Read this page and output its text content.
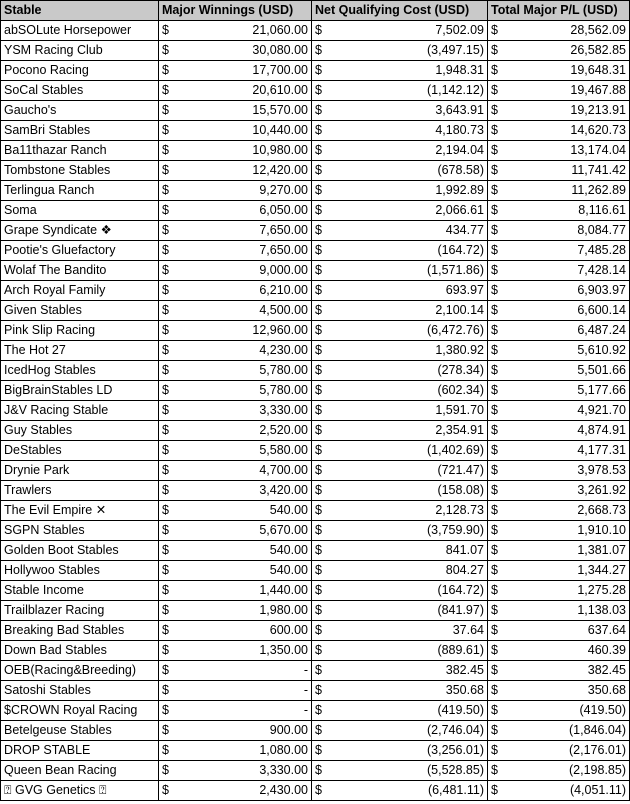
Stable	Major Winnings (USD)	Net Qualifying Cost (USD)	Total Major P/L (USD)
abSOLute Horsepower	$ 21,060.00	$ 7,502.09	$ 28,562.09

YSM Racing Club	$ 30,080.00	$ (3,497.15)	$ 26,582.85

Pocono Racing	$ 17,700.00	$ 1,948.31	$ 19,648.31

SoCal Stables	$ 20,610.00	$ (1,142.12)	$ 19,467.88

Gaucho's	$ 15,570.00	$ 3,643.91	$ 19,213.91

SamBri Stables	$ 10,440.00	$ 4,180.73	$ 14,620.73

Ba11thazar Ranch	$ 10,980.00	$ 2,194.04	$ 13,174.04

Tombstone Stables	$ 12,420.00	$ (678.58)	$ 11,741.42

Terlingua Ranch	$ 9,270.00	$ 1,992.89	$ 11,262.89

Soma	$ 6,050.00	$ 2,066.61	$ 8,116.61

Grape Syndicate ❖	$ 7,650.00	$ 434.77	$ 8,084.77

Pootie's Gluefactory	$ 7,650.00	$ (164.72)	$ 7,485.28

Wolaf The Bandito	$ 9,000.00	$ (1,571.86)	$ 7,428.14

Arch Royal Family	$ 6,210.00	$ 693.97	$ 6,903.97

Given Stables	$ 4,500.00	$ 2,100.14	$ 6,600.14

Pink Slip Racing	$ 12,960.00	$ (6,472.76)	$ 6,487.24

The Hot 27	$ 4,230.00	$ 1,380.92	$ 5,610.92

IcedHog Stables	$ 5,780.00	$ (278.34)	$ 5,501.66

BigBrainStables LD	$ 5,780.00	$ (602.34)	$ 5,177.66

J&V Racing Stable	$ 3,330.00	$ 1,591.70	$ 4,921.70

Guy Stables	$ 2,520.00	$ 2,354.91	$ 4,874.91

DeStables	$ 5,580.00	$ (1,402.69)	$ 4,177.31

Drynie Park	$ 4,700.00	$ (721.47)	$ 3,978.53

Trawlers	$ 3,420.00	$ (158.08)	$ 3,261.92

The Evil Empire ✕	$ 540.00	$ 2,128.73	$ 2,668.73

SGPN Stables	$ 5,670.00	$ (3,759.90)	$ 1,910.10

Golden Boot Stables	$ 540.00	$ 841.07	$ 1,381.07

Hollywoo Stables	$ 540.00	$ 804.27	$ 1,344.27

Stable Income	$ 1,440.00	$ (164.72)	$ 1,275.28

Trailblazer Racing	$ 1,980.00	$ (841.97)	$ 1,138.03

Breaking Bad Stables	$ 600.00	$ 37.64	$ 637.64

Down Bad Stables	$ 1,350.00	$ (889.61)	$ 460.39

OEB(Racing&Breeding)	$ -	$ 382.45	$ 382.45

Satoshi Stables	$ -	$ 350.68	$ 350.68

$CROWN Royal Racing	$ -	$ (419.50)	$ (419.50)

Betelgeuse Stables	$ 900.00	$ (2,746.04)	$ (1,846.04)

DROP STABLE	$ 1,080.00	$ (3,256.01)	$ (2,176.01)

Queen Bean Racing	$ 3,330.00	$ (5,528.85)	$ (2,198.85)

⍰ GVG Genetics ⍰	$ 2,430.00	$ (6,481.11)	$ (4,051.11)
